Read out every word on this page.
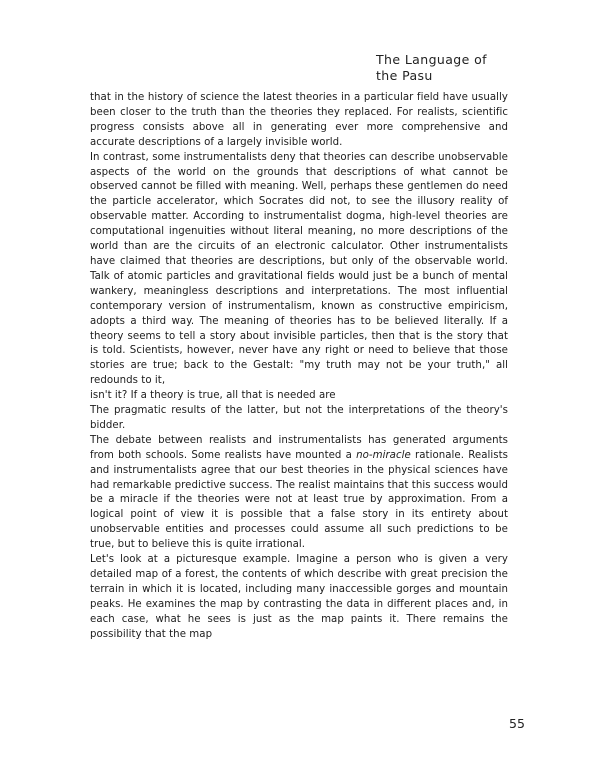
The Language of
the Pasu

that in the history of science the latest theories in a particular field have usually been closer to the truth than the theories they replaced. For realists, scientific progress consists above all in generating ever more comprehensive and accurate descriptions of a largely invisible world.

In contrast, some instrumentalists deny that theories can describe unobservable aspects of the world on the grounds that descriptions of what cannot be observed cannot be filled with meaning. Well, perhaps these gentlemen do need the particle accelerator, which Socrates did not, to see the illusory reality of observable matter. According to instrumentalist dogma, high-level theories are computational ingenuities without literal meaning, no more descriptions of the world than are the circuits of an electronic calculator. Other instrumentalists have claimed that theories are descriptions, but only of the observable world. Talk of atomic particles and gravitational fields would just be a bunch of mental wankery, meaningless descriptions and interpretations. The most influential contemporary version of instrumentalism, known as constructive empiricism, adopts a third way. The meaning of theories has to be believed literally. If a theory seems to tell a story about invisible particles, then that is the story that is told. Scientists, however, never have any right or need to believe that those stories are true; back to the Gestalt: "my truth may not be your truth," all redounds to it,

isn't it? If a theory is true, all that is needed are

The pragmatic results of the latter, but not the interpretations of the theory's bidder.

The debate between realists and instrumentalists has generated arguments from both schools. Some realists have mounted a no-miracle rationale. Realists and instrumentalists agree that our best theories in the physical sciences have had remarkable predictive success. The realist maintains that this success would be a miracle if the theories were not at least true by approximation. From a logical point of view it is possible that a false story in its entirety about unobservable entities and processes could assume all such predictions to be true, but to believe this is quite irrational.

Let's look at a picturesque example. Imagine a person who is given a very detailed map of a forest, the contents of which describe with great precision the terrain in which it is located, including many inaccessible gorges and mountain peaks. He examines the map by contrasting the data in different places and, in each case, what he sees is just as the map paints it. There remains the possibility that the map

55
